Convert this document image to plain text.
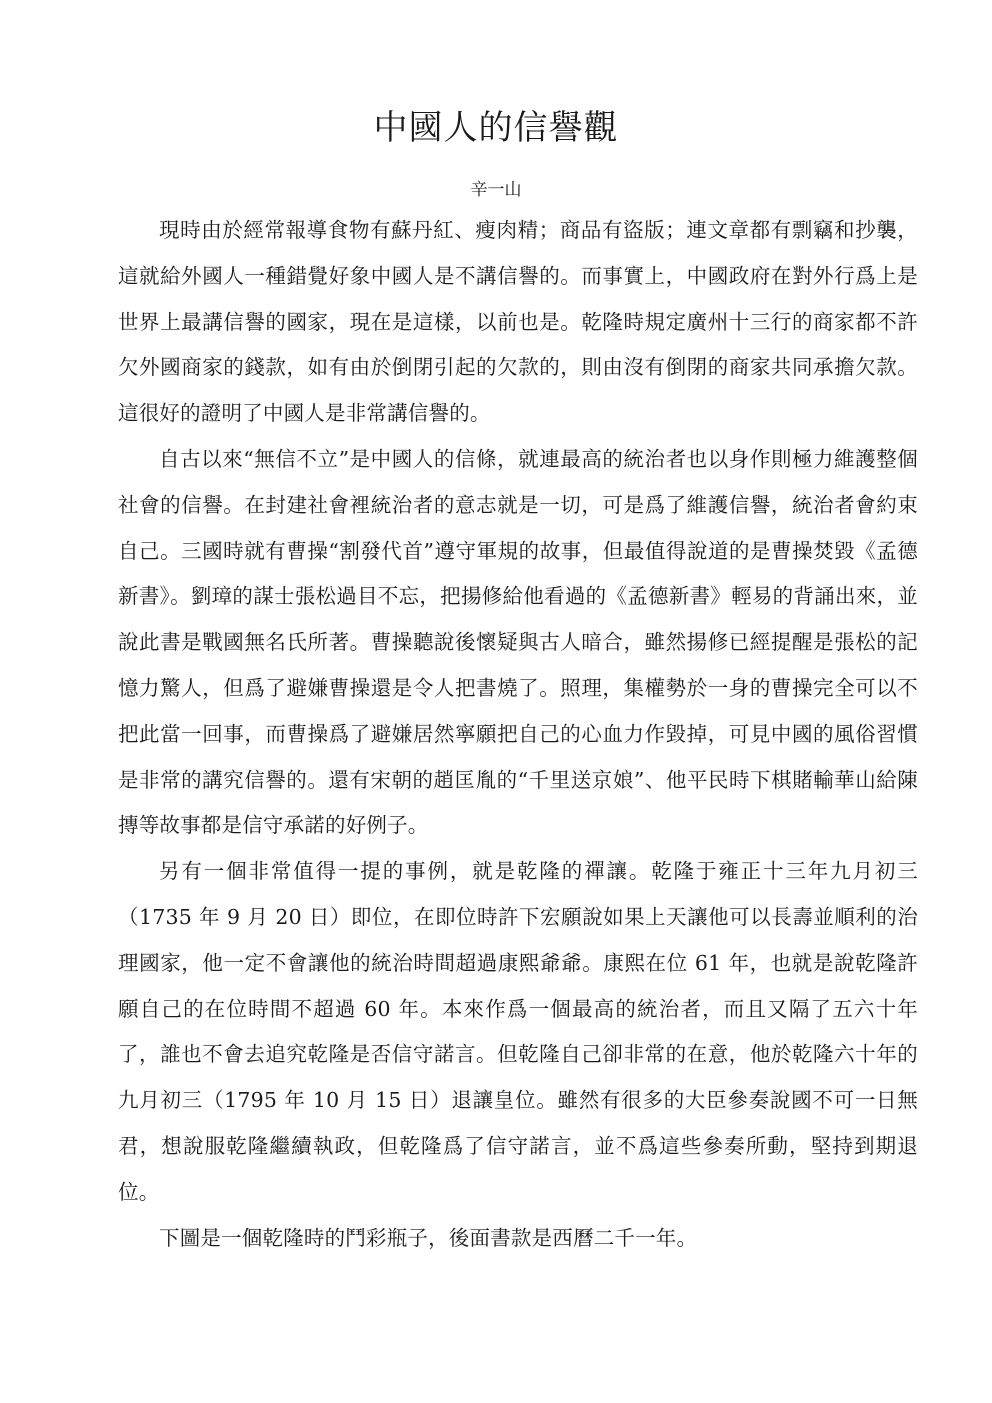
中國人的信譽觀
辛一山

現時由於經常報導食物有蘇丹紅、瘦肉精；商品有盜版；連文章都有剽竊和抄襲，這就給外國人一種錯覺好象中國人是不講信譽的。而事實上，中國政府在對外行爲上是世界上最講信譽的國家，現在是這樣，以前也是。乾隆時規定廣州十三行的商家都不許欠外國商家的錢款，如有由於倒閉引起的欠款的，則由沒有倒閉的商家共同承擔欠款。這很好的證明了中國人是非常講信譽的。

自古以來“無信不立”是中國人的信條，就連最高的統治者也以身作則極力維護整個社會的信譽。在封建社會裡統治者的意志就是一切，可是爲了維護信譽，統治者會約束自己。三國時就有曹操“割發代首”遵守軍規的故事，但最值得說道的是曹操焚毀《孟德新書》。劉璋的謀士張松過目不忘，把揚修給他看過的《孟德新書》輕易的背誦出來，並說此書是戰國無名氏所著。曹操聽說後懷疑與古人暗合，雖然揚修已經提醒是張松的記憶力驚人，但爲了避嫌曹操還是令人把書燒了。照理，集權勢於一身的曹操完全可以不把此當一回事，而曹操爲了避嫌居然寧願把自己的心血力作毀掉，可見中國的風俗習慣是非常的講究信譽的。還有宋朝的趙匡胤的“千里送京娘”、他平民時下棋賭輸華山給陳摶等故事都是信守承諾的好例子。

另有一個非常值得一提的事例，就是乾隆的禪讓。乾隆于雍正十三年九月初三（1735 年 9 月 20 日）即位，在即位時許下宏願說如果上天讓他可以長壽並順利的治理國家，他一定不會讓他的統治時間超過康熙爺爺。康熙在位 61 年，也就是說乾隆許願自己的在位時間不超過 60 年。本來作爲一個最高的統治者，而且又隔了五六十年了，誰也不會去追究乾隆是否信守諾言。但乾隆自己卻非常的在意，他於乾隆六十年的九月初三（1795 年 10 月 15 日）退讓皇位。雖然有很多的大臣參奏說國不可一日無君，想說服乾隆繼續執政，但乾隆爲了信守諾言，並不爲這些參奏所動，堅持到期退位。

下圖是一個乾隆時的鬥彩瓶子，後面書款是西曆二千一年。
